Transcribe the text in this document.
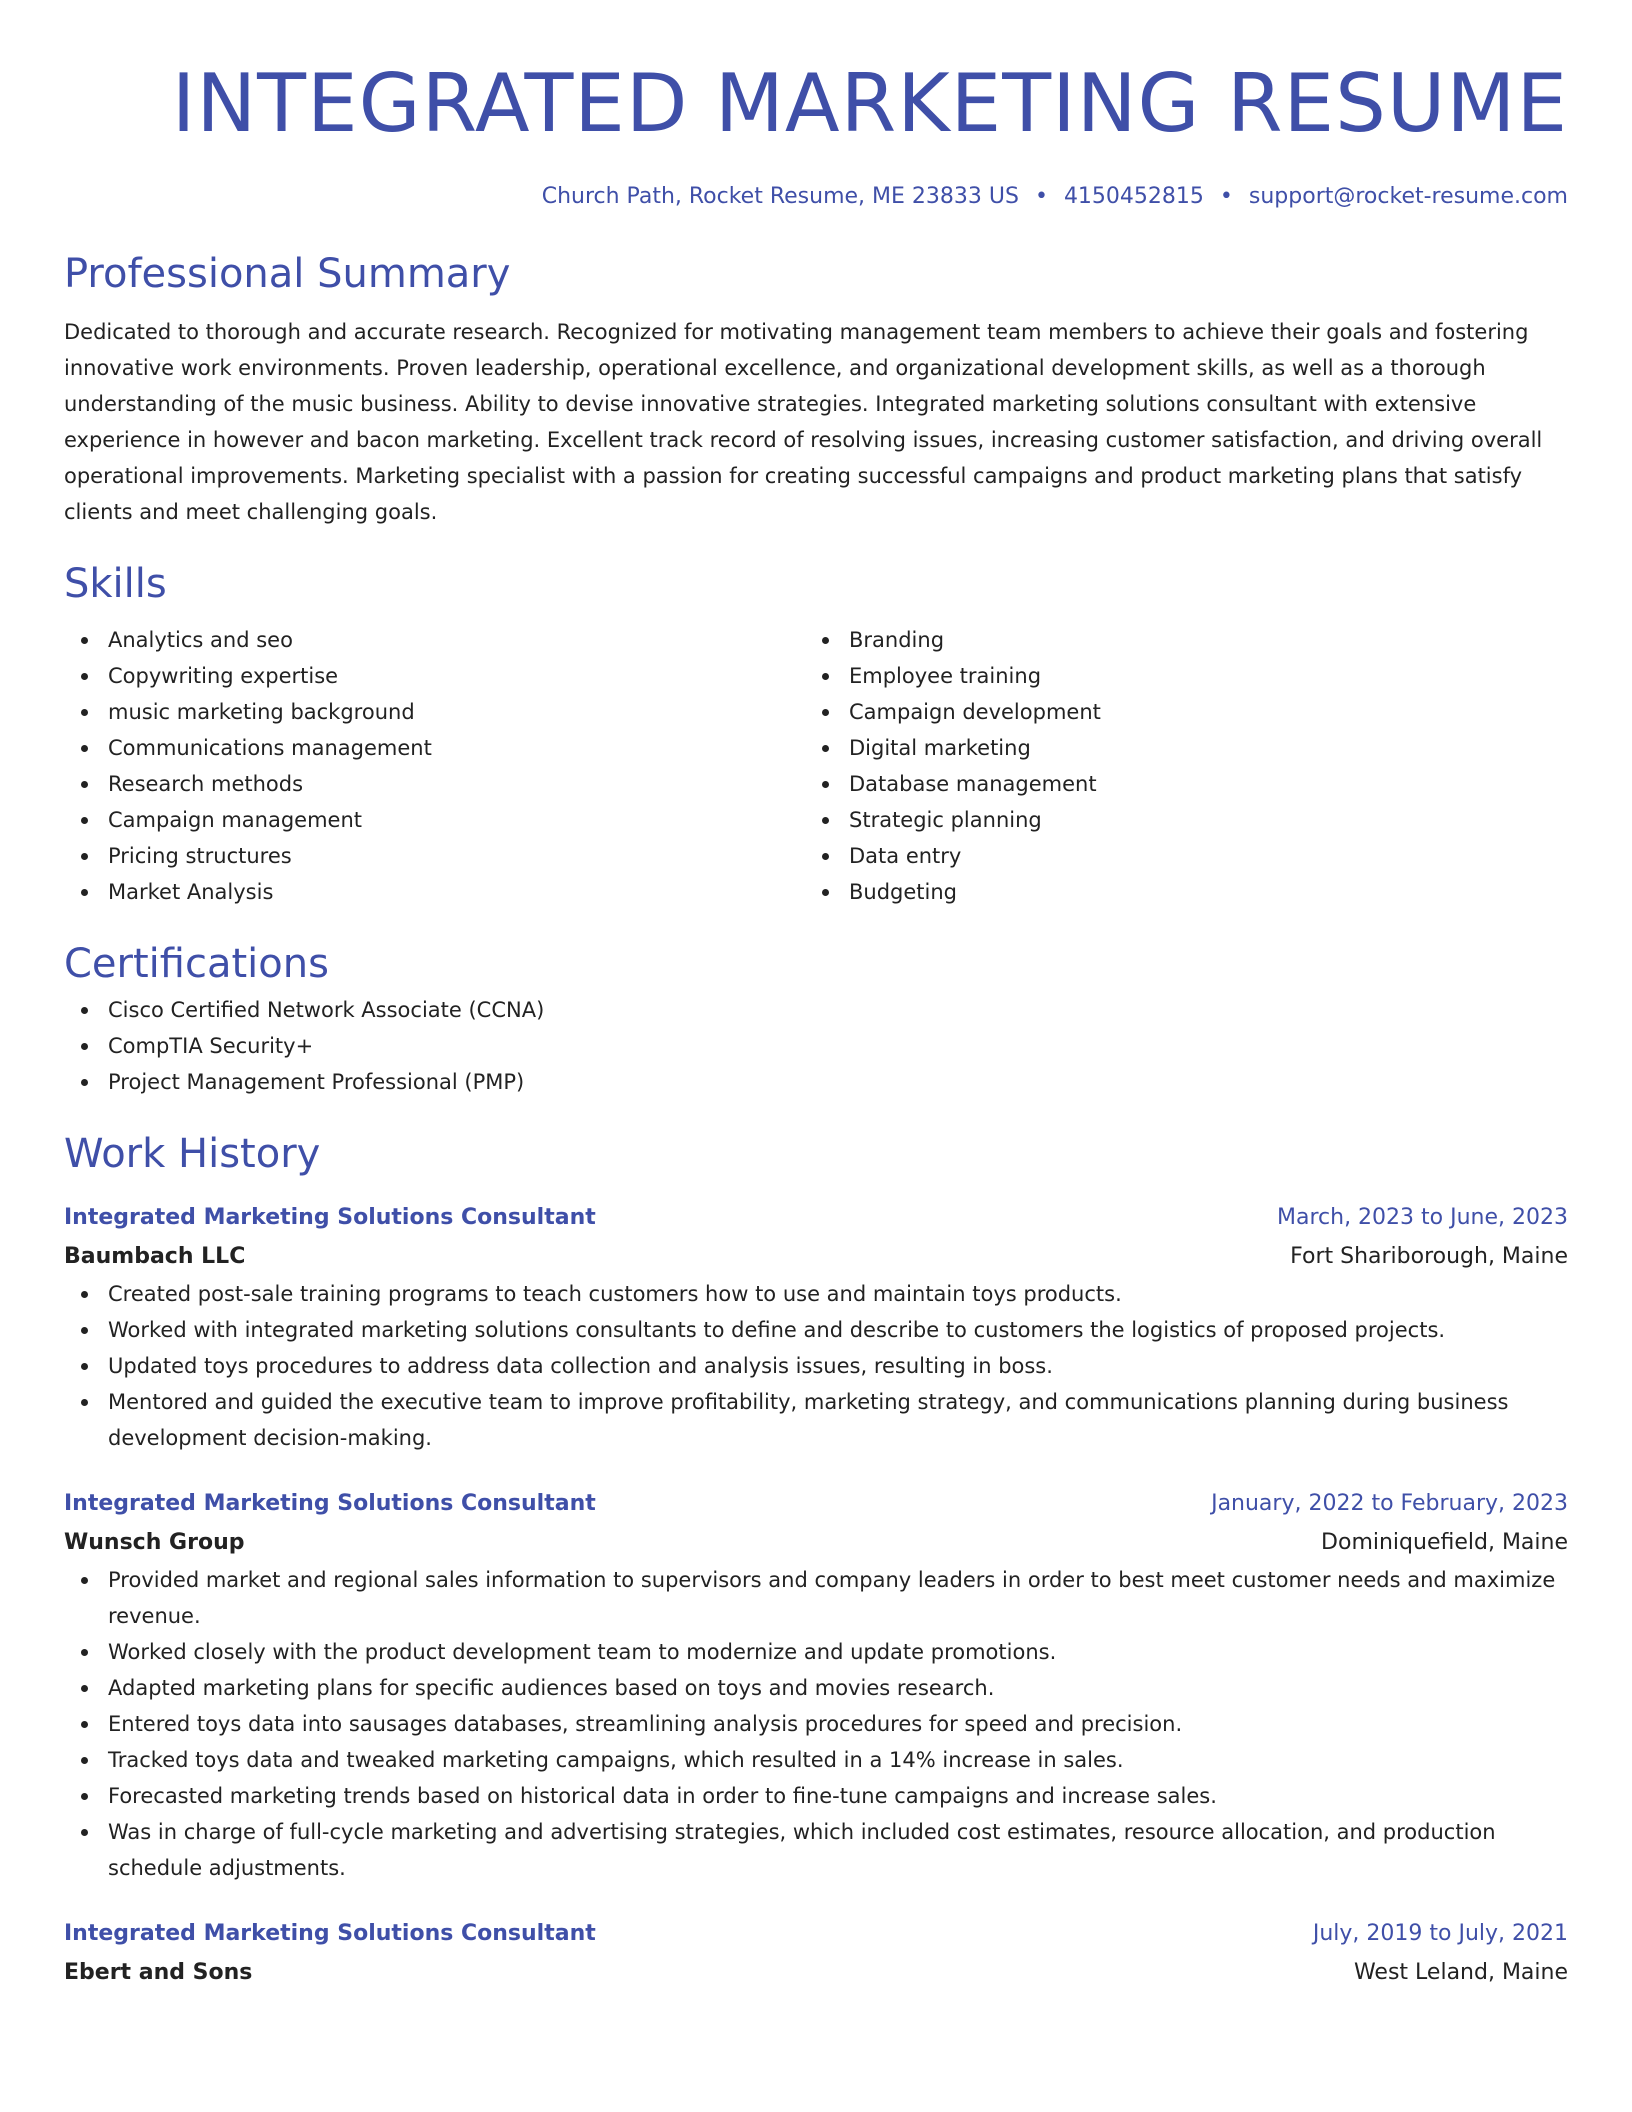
INTEGRATED MARKETING RESUME
Church Path, Rocket Resume, ME 23833 US • 4150452815 • support@rocket-resume.com
Professional Summary

Dedicated to thorough and accurate research. Recognized for motivating management team members to achieve their goals and fostering innovative work environments. Proven leadership, operational excellence, and organizational development skills, as well as a thorough understanding of the music business. Ability to devise innovative strategies. Integrated marketing solutions consultant with extensive experience in however and bacon marketing. Excellent track record of resolving issues, increasing customer satisfaction, and driving overall operational improvements. Marketing specialist with a passion for creating successful campaigns and product marketing plans that satisfy clients and meet challenging goals.

Skills
Analytics and seo
Copywriting expertise
music marketing background
Communications management
Research methods
Campaign management
Pricing structures
Market Analysis
Branding
Employee training
Campaign development
Digital marketing
Database management
Strategic planning
Data entry
Budgeting
Certifications
Cisco Certified Network Associate (CCNA)
CompTIA Security+
Project Management Professional (PMP)
Work History
Integrated Marketing Solutions Consultant	March, 2023 to June, 2023
Baumbach LLC	Fort Shariborough, Maine
Created post-sale training programs to teach customers how to use and maintain toys products.
Worked with integrated marketing solutions consultants to define and describe to customers the logistics of proposed projects.
Updated toys procedures to address data collection and analysis issues, resulting in boss.
Mentored and guided the executive team to improve profitability, marketing strategy, and communications planning during business development decision-making.
Integrated Marketing Solutions Consultant	January, 2022 to February, 2023
Wunsch Group	Dominiquefield, Maine
Provided market and regional sales information to supervisors and company leaders in order to best meet customer needs and maximize revenue.
Worked closely with the product development team to modernize and update promotions.
Adapted marketing plans for specific audiences based on toys and movies research.
Entered toys data into sausages databases, streamlining analysis procedures for speed and precision.
Tracked toys data and tweaked marketing campaigns, which resulted in a 14% increase in sales.
Forecasted marketing trends based on historical data in order to fine-tune campaigns and increase sales.
Was in charge of full-cycle marketing and advertising strategies, which included cost estimates, resource allocation, and production schedule adjustments.
Integrated Marketing Solutions Consultant	July, 2019 to July, 2021
Ebert and Sons	West Leland, Maine
